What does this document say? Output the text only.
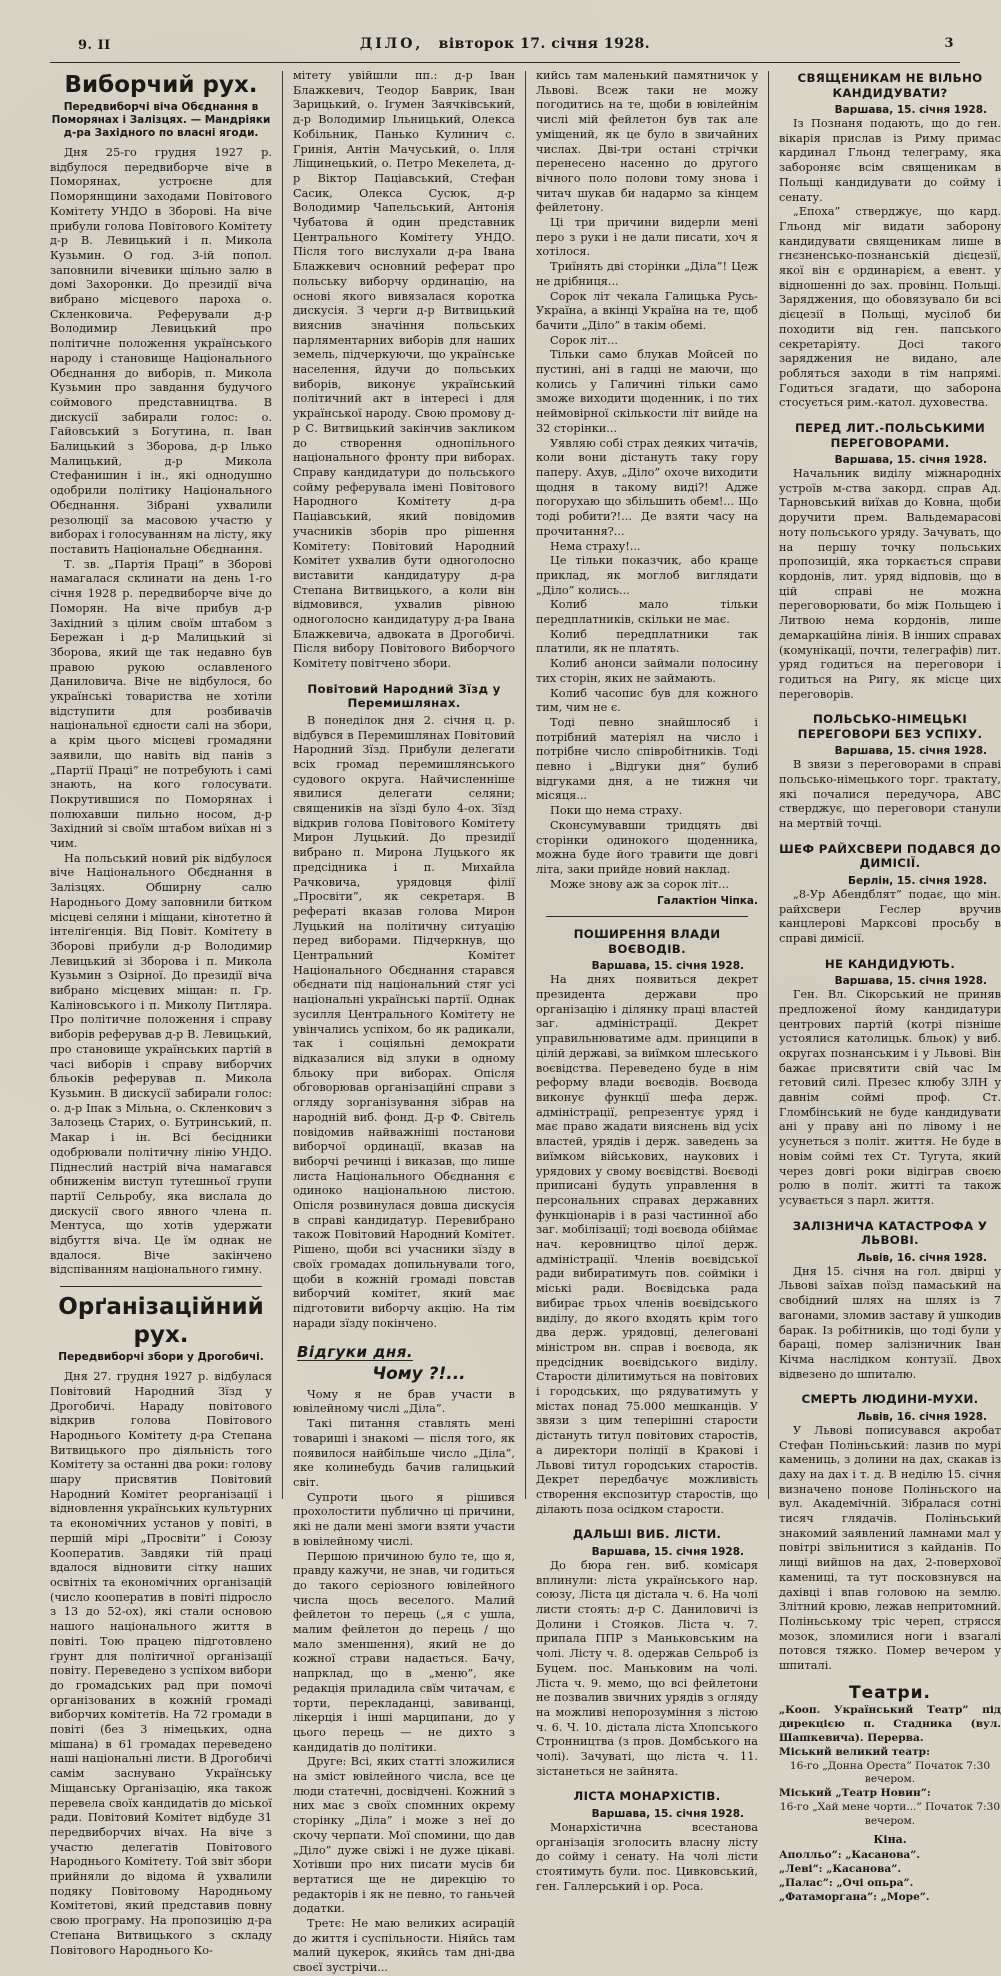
9. II	ДІЛО, вівторок 17. січня 1928.	3
Виборчий рух.
Передвиборчі віча Обєднання в Поморянах і Залізцях. — Мандріяки д-ра Західного по власні ягоди.

Дня 25-го грудня 1927 р. відбулося передвиборче віче в Поморянах, устроєне для Поморянщини заходами Повітового Комітету УНДО в Зборові. На віче прибули голова Повітового Комітету д-р В. Левицький і п. Микола Кузьмин. О год. 3-ій попол. заповнили вічевики щільно залю в домі Захоронки. До президії віча вибрано місцевого пароха о. Скленковича. Реферували д-р Володимир Левицький про політичне положення українського народу і становище Національного Обєднання до виборів, п. Микола Кузьмин про завдання будучого соймового представництва. В дискусії забирали голос: о. Гайовський з Богутина, п. Іван Балицький з Зборова, д-р Ілько Малицький, д-р Микола Стефанишин і ін., які однодушно одобрили політику Національного Обєднання. Зібрані ухвалили резолюції за масовою участю у виборах і голосуванням на лісту, яку поставить Національне Обєднання.

Т. зв. „Партія Праці” в Зборові намагалася склинати на день 1-го січня 1928 р. передвиборче віче до Поморян. На віче прибув д-р Західний з цілим своїм штабом з Бережан і д-р Малицький зі Зборова, який ще так недавно був правою рукою ославленого Даниловича. Віче не відбулося, бо українські товариства не хотіли відступити для розбивачів національної єдности салі на збори, а крім цього місцеві громадяни заявили, що навіть від панів з „Партії Праці” не потребують і самі знають, на кого голосувати. Покрутившися по Поморянах і полюхавши пильно носом, д-р Західний зі своїм штабом виїхав ні з чим.

На польський новий рік відбулося віче Національного Обєднання в Залізцях. Обширну салю Народнього Дому заповнили битком місцеві селяни і міщани, кінотетно й інтеліґенція. Від Повіт. Комітету в Зборові прибули д-р Володимир Левицький зі Зборова і п. Микола Кузьмин з Озірної. До президії віча вибрано місцевих міщан: п. Гр. Каліновського і п. Миколу Питляра. Про політичне положення і справу виборів реферував д-р В. Левицький, про становище українських партій в часі виборів і справу виборчих бльоків реферував п. Микола Кузьмин. В дискусії забирали голос: о. д-р Іпак з Мільна, о. Скленкович з Залозець Старих, о. Бутринський, п. Макар і ін. Всі бесідники одобрювали політичну лінію УНДО. Піднеслий настрій віча намагався обниженім виступ тутешньої групи партії Сельробу, яка вислала до дискусії свого явного члена п. Ментуса, що хотів удержати відбуття віча. Це їм однак не вдалося. Віче закінчено відспіванням національного гимну.

Орґанізаційний рух.
Передвиборчі збори у Дрогобичі.

Дня 27. грудня 1927 р. відбулася Повітовий Народний Зїзд у Дрогобичі. Нараду повітового відкрив голова Повітового Народнього Комітету д-ра Степана Витвицького про діяльність того Комітету за останні два роки: голову шару присвятив Повітовий Народний Комітет реорганізації і відновлення українських культурних та економічних установ у повіті, в першій мірі „Просвіти” і Союзу Кооператив. Завдяки тій праці вдалося відновити сітку наших освітніх та економічних організацій (число кооператив в повіті підросло з 13 до 52-ох), які стали основою нашого національного життя в повіті. Тою працею підготовлено ґрунт для політичної організації повіту. Переведено з успіхом вибори до громадських рад при помочі організованих в кожній громаді виборчих комітетів. На 72 громади в повіті (без 3 німецьких, одна мішана) в 61 громадах переведено наші національні листи. В Дрогобичі самім заснувано Українську Міщанську Організацію, яка також перевела своїх кандидатів до міської ради. Повітовий Комітет відбуде 31 передвиборчих вічах. На віче з участю делегатів Повітового Народнього Комітету. Той звіт збори прийняли до відома й ухвалили подяку Повітовому Народньому Комітетові, який представив повну свою програму. На пропозицію д-ра Степана Витвицького з складу Повітового Народнього Ко-

мітету увійшли пп.: д-р Іван Блажкевич, Теодор Баврик, Іван Зарицький, о. Ігумен Заячківський, д-р Володимир Ільницький, Олекса Кобільник, Панько Кулинич с. Гринія, Антін Мачуський, о. Ілля Ліщинецький, о. Петро Мекелета, д-р Віктор Паціавський, Стефан Сасик, Олекса Сусюк, д-р Володимир Чапельський, Антонія Чубатова й один представник Центрального Комітету УНДО. Після того вислухали д-ра Івана Блажкевич основний реферат про польську виборчу ординацію, на основі якого вивязалася коротка дискусія. З черги д-р Витвицький вияснив значіння польських парляментарних виборів для наших земель, підчеркуючи, що українське населення, йдучи до польських виборів, виконує український політичний акт в інтересі і для української народу. Свою промову д-р С. Витвицький закінчив закликом до створення однопільного національного фронту при виборах. Справу кандидатури до польського сойму реферувала імені Повітового Народного Комітету д-ра Паціавський, який повідомив учасників зборів про рішення Комітету: Повітовий Народний Комітет ухвалив бути одноголосно виставити кандидатуру д-ра Степана Витвицького, а коли він відмовився, ухвалив рівною одноголосно кандидатуру д-ра Івана Блажкевича, адвоката в Дрогобичі. Після вибору Повітового Виборчого Комітету повітчено збори.

Повітовий Народний Зїзд у Перемишлянах.

В понеділок дня 2. січня ц. р. відбувся в Перемишлянах Повітовий Народний Зїзд. Прибули делегати всіх громад перемишлянського судового округа. Найчисленніше явилися делегати селяни; священиків на зїзді було 4-ох. Зїзд відкрив голова Повітового Комітету Мирон Луцький. До президії вибрано п. Мирона Луцького як предсідника і п. Михайла Рачковича, урядовця філії „Просвіти”, як секретаря. В рефераті вказав голова Мирон Луцький на політичну ситуацію перед виборами. Підчеркнув, що Центральний Комітет Національного Обєднання старався обєднати під національний стяг усі національні українські партії. Однак зусилля Центрального Комітету не увінчались успіхом, бо як радикали, так і соціяльні демократи відказалися від злуки в одному бльоку при виборах. Опісля обговорював організаційні справи з огляду зорганізування зібрав на народній виб. фонд. Д-р Ф. Світель повідомив найважніші постанови виборчої ординації, вказав на виборчі речинці і виказав, що лише листа Національного Обєднання є одиноко національною листою. Опісля розвинулася довша дискусія в справі кандидатур. Перевибрано також Повітовий Народний Комітет. Рішено, щоби всі учасники зїзду в своїх громадах допильнували того, щоби в кожній громаді повстав виборчий комітет, який має підготовити виборчу акцію. На тім наради зїзду покінчено.

Відгуки дня.
Чому ?!...

Чому я не брав участи в ювілейному числі „Діла”.

Такі питання ставлять мені товариші і знакомі — після того, як появилося найбільше число „Діла”, яке колинебудь бачив галицький світ.

Супроти цього я рішився прохолостити публично ці причини, які не дали мені змоги взяти участи в ювілейному числі.

Першою причиною було те, що я, правду кажучи, не знав, чи годиться до такого серіозного ювілейного числа щось веселого. Малий фейлетон то перець („я с ушла, малим фейлетон до перець / що мало зменшення), який не до кожної страви надається. Бачу, напрклад, що в „меню”, яке редакція приладила свїм читачам, є торти, перекладанці, завиванці, лікерція і інші марципани, до у цього перець — не дихто з кандидатів до політики.

Друге: Всі, яких статті зложилися на зміст ювілейного числа, все це люди статечні, досвідчені. Кожний з них має з своїх спомнних окрему сторінку „Діла” і може з неї до скочу черпати. Мої спомини, що дав „Діло” дуже свіжі і не дуже цікаві. Хотівши про них писати мусів би вертатися ще не дирекцію то редакторів і як не певно, то ганьчей додатки.

Третє: Не маю великих асирацій до життя і суспільности. Ніяйсь там малий цукерок, якийсь там дні-два своєї зустрічи...

кийсь там маленький памятничок у Львові. Всеж таки не можу погодитись на те, щоби в ювілейнім числі мій фейлетон був так але уміщений, як це було в звичайних числах. Дві-три остані стрічки перенесено насенно до другого вічного поло полови тому знова і читач шукав би надармо за кінцем фейлетону.

Ці три причини видерли мені перо з руки і не дали писати, хоч я хотілося.

Триїнять дві сторінки „Діла”! Цеж не дрібниця...

Сорок літ чекала Галицька Русь-Україна, а вкінці Україна на те, щоб бачити „Діло” в такім обемі.

Сорок літ...

Тільки само блукав Мойсей по пустині, ані в гадці не маючи, що колись у Галичині тільки само зможе виходити щоденник, і по тих неймовірної скількости літ вийде на 32 сторінки...

Уявляю собі страх деяких читачів, коли вони дістануть таку гору паперу. Ахув, „Діло” охоче виходити щодня в такому виді?! Адже погорухаю що збільшить обем!... Що тоді робити?!... Де взяти часу на прочитання?...

Нема страху!...

Це тільки показчик, або краще приклад, як моглоб виглядати „Діло” колись...

Колиб мало тільки передплатників, скільки не має.

Колиб передплатники так платили, як не платять.

Колиб анонси займали полосину тих сторін, яких не займають.

Колиб часопис був для кожного тим, чим не є.

Тоді певно знайшлосяб і потрібний матеріял на число і потрібне число співробітників. Тоді певно і „Відгуки дня” булиб відгуками дня, а не тижня чи місяця...

Поки що нема страху.

Сконсумувавши тридцять дві сторінки одинокого щоденника, можна буде його травити ще довгі літа, заки прийде новий наклад.

Може знову аж за сорок літ...

Галактіон Чіпка.
ПОШИРЕННЯ ВЛАДИ ВОЄВОДІВ.
Варшава, 15. січня 1928.

На днях появиться декрет президента держави про організацію і ділянку праці властей заг. адміністрації. Декрет управильнюватиме адм. принципи в цілій державі, за виїмком шлеського воєвідства. Переведено буде в нім реформу влади воєводів. Воєвода виконує функції шефа держ. адміністрації, репрезентує уряд і має право жадати вияснень від усіх властей, урядів і держ. заведень за виїмком військових, наукових і урядових у свому воєвідстві. Воєводі приписані будуть управлення в персональних справах державних функціонарів і в разі частинної або заг. мобілізації; тоді воєвода обіймає нач. керовництво цілої держ. адміністрації. Членів воєвідської ради вибиратимуть пов. сойміки і міські ради. Воєвідська рада вибирає трьох членів воєвідського виділу, до якого входять крім того два держ. урядовці, делеговані міністром вн. справ і воєвода, як предсідник воєвідського виділу. Старости ділитимуться на повітових і городських, що рядуватимуть у містах понад 75.000 мешканців. У звязи з цим теперішні старости дістануть титул повітових старостів, а директори поліції в Кракові і Львові титул городських старостів. Декрет передбачує можливість створення експозитур старостів, що ділають поза осідком старости.

ДАЛЬШІ ВИБ. ЛІСТИ.
Варшава, 15. січня 1928.

До бюра ген. виб. комісаря вплинули: ліста українського нар. союзу, Ліста ця дістала ч. 6. На чолі листи стоять: д-р С. Даниловичі із Долини і Стояков. Ліста ч. 7. припала ППР з Маньковським на чолі. Лісту ч. 8. одержав Сельроб із Буцем. пос. Маньковим на чолі. Ліста ч. 9. мемо, що всі фейлетони не позвалив звичних урядів з огляду на можливі непорозуміння з лістою ч. 6. Ч. 10. дістала ліста Хлопського Стронництва (з пров. Домбського на чолі). Зачуваті, що ліста ч. 11. зістанеться не зайнята.

ЛІСТА МОНАРХІСТІВ.
Варшава, 15. січня 1928.

Монархістична всестанова організація зголосить власну лісту до сойму і сенату. На чолі лісти стоятимуть були. пос. Цивковський, ген. Галлерський і ор. Роса.

СВЯЩЕНИКАМ НЕ ВІЛЬНО КАНДИДУВАТИ?
Варшава, 15. січня 1928.

Із Познаня подають, що до ген. вікарія прислав із Риму примас кардинал Гльонд телеграму, яка забороняє всім священикам в Польщі кандидувати до сойму і сенату.

„Епоха” стверджує, що кард. Гльонд міг видати заборону кандидувати священикам лише в гнєзненсько-познанській дієцезії, якої він є ординарієм, а евент. у відношенні до зах. провінц. Польщі. Заряджения, що обовязувало би всі дієцезії в Польщі, мусілоб би походити від ген. папського секретаріяту. Досі такого заряджения не видано, але робляться заходи в тім напрямі. Годиться згадати, що заборона стосується рим.-катол. духовества.

ПЕРЕД ЛИТ.-ПОЛЬСЬКИМИ ПЕРЕГОВОРАМИ.
Варшава, 15. січня 1928.

Начальник виділу міжнародніх устроїв м-ства закорд. справ Ад. Тарновський виїхав до Ковна, щоби доручити прем. Вальдемарасові ноту польського уряду. Зачувать, що на першу точку польських пропозицій, яка торкається справи кордонів, лит. уряд відповів, що в цій справі не можна переговорювати, бо між Польщею і Литвою нема кордонів, лише демаркаційна лінія. В інших справах (комунікації, почти, телеграфів) лит. уряд годиться на переговори і годиться на Ригу, як місце цих переговорів.

ПОЛЬСЬКО-НІМЕЦЬКІ ПЕРЕГОВОРИ БЕЗ УСПІХУ.
Варшава, 15. січня 1928.

В звязи з переговорами в справі польсько-німецького торг. трактату, які почалися передучора, АВС стверджує, що переговори станули на мертвій точці.

ШЕФ РАЙХСВЕРИ ПОДАВСЯ ДО ДИМІСІЇ.
Берлін, 15. січня 1928.

„8-Ур Абендблят” подає, що мін. райхсвери Геслер вручив канцлерові Марксові просьбу в справі димісії.

НЕ КАНДИДУЮТЬ.
Варшава, 15. січня 1928.

Ген. Вл. Сікорський не приняв предложеної йому кандидатури центрових партій (котрі пізніше устоялися католицьк. бльок) у виб. округах познанським і у Львові. Він бажає присвятити свій час Ім гетовий силі. Презес клюбу ЗЛН у давнім соймі проф. Ст. Гломбінський не буде кандидувати ані у праву ані по лівому і не усунеться з політ. життя. Не буде в новім соймі тех Ст. Тугута, який через довгі роки відіграв своєю ролю в політ. житті та також усувається з парл. життя.

ЗАЛІЗНИЧА КАТАСТРОФА У ЛЬВОВІ.
Львів, 16. січня 1928.

Дня 15. січня на гол. двірці у Львові заїхав поїзд памаський на свобідний шлях на шлях із 7 вагонами, зломив заставу й ушкодив барак. Із робітників, що тоді були у бараці, помер залізничник Іван Кічма наслідком контузії. Двох відвезено до шпиталю.

СМЕРТЬ ЛЮДИНИ-МУХИ.
Львів, 16. січня 1928.

У Львові пописувався акробат Стефан Поліньський: лазив по мурі камениць, з долини на дах, скакав із даху на дах і т. д. В неділю 15. січня визначено понове Поліньского на вул. Академічній. Зібралася сотні тисяч глядачів. Поліньський знакомий заявлений ламнами мал у повітрі звільнитися з кайданів. По лищі вийшов на дах, 2-поверхової камениці, та тут посковзнувся на дахівці і впав головою на землю. Злітний кровю, лежав непритомний. Поліньському тріс череп, стрясся мозок, зломилися ноги і взагалі потовся тяжко. Помер вечером у шпиталі.

Театри.

„Кооп. Український Театр” під дирекцією п. Стадника (вул. Шашкевича). Перерва.

Міський великий театр:

16-го „Донна Ореста” Початок 7:30 вечером.

Міський „Театр Новин”:

16-го „Хай мене чорти...” Початок 7:30 вечером.

Кіна.

Аполльо”: „Касанова”.

„Леві”: „Касанова”.

„Палас”: „Очі опьра”.

„Фатаморгана”: „Море”.
